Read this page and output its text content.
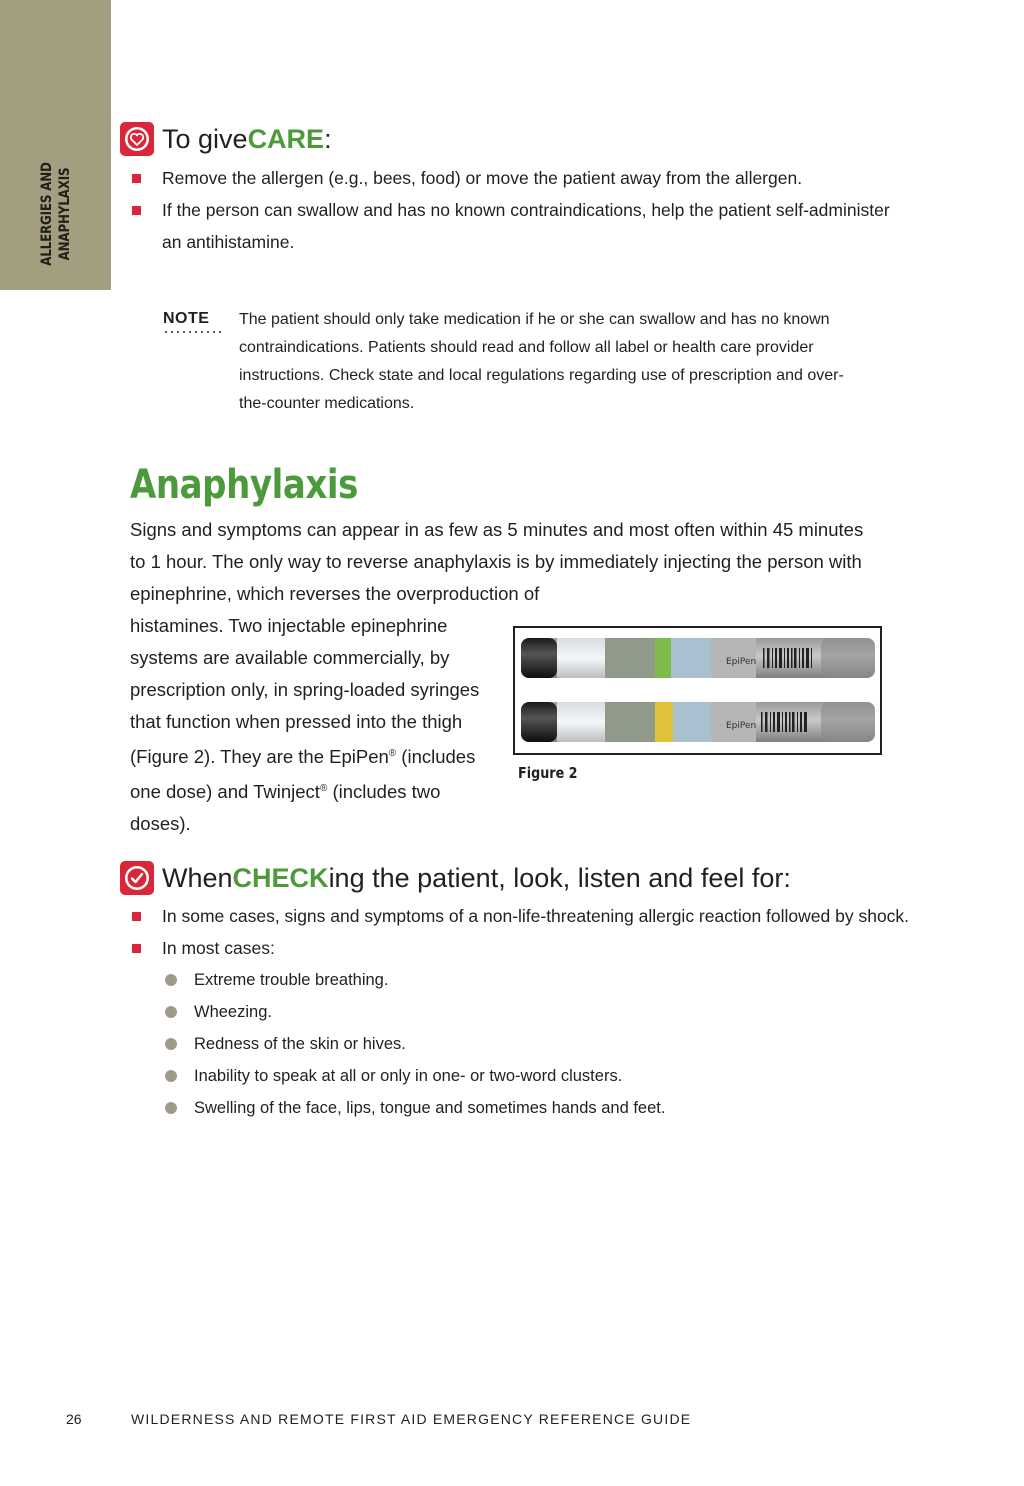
ALLERGIES AND ANAPHYLAXIS
To give CARE :
Remove the allergen (e.g., bees, food) or move the patient away from the allergen.
If the person can swallow and has no known contraindications, help the patient self-administer an antihistamine.
NOTE The patient should only take medication if he or she can swallow and has no known contraindications. Patients should read and follow all label or health care provider instructions. Check state and local regulations regarding use of prescription and over-the-counter medications.
Anaphylaxis
Signs and symptoms can appear in as few as 5 minutes and most often within 45 minutes to 1 hour. The only way to reverse anaphylaxis is by immediately injecting the person with epinephrine, which reverses the overproduction of
histamines. Two injectable epinephrine systems are available commercially, by prescription only, in spring-loaded syringes that function when pressed into the thigh (Figure 2). They are the EpiPen® (includes one dose) and Twinject® (includes two doses).
EpiPen
EpiPen
Figure 2
When CHECK ing the patient, look, listen and feel for:
In some cases, signs and symptoms of a non-life-threatening allergic reaction followed by shock.
In most cases:
Extreme trouble breathing.
Wheezing.
Redness of the skin or hives.
Inability to speak at all or only in one- or two-word clusters.
Swelling of the face, lips, tongue and sometimes hands and feet.
26	WILDERNESS AND REMOTE FIRST AID EMERGENCY REFERENCE GUIDE
